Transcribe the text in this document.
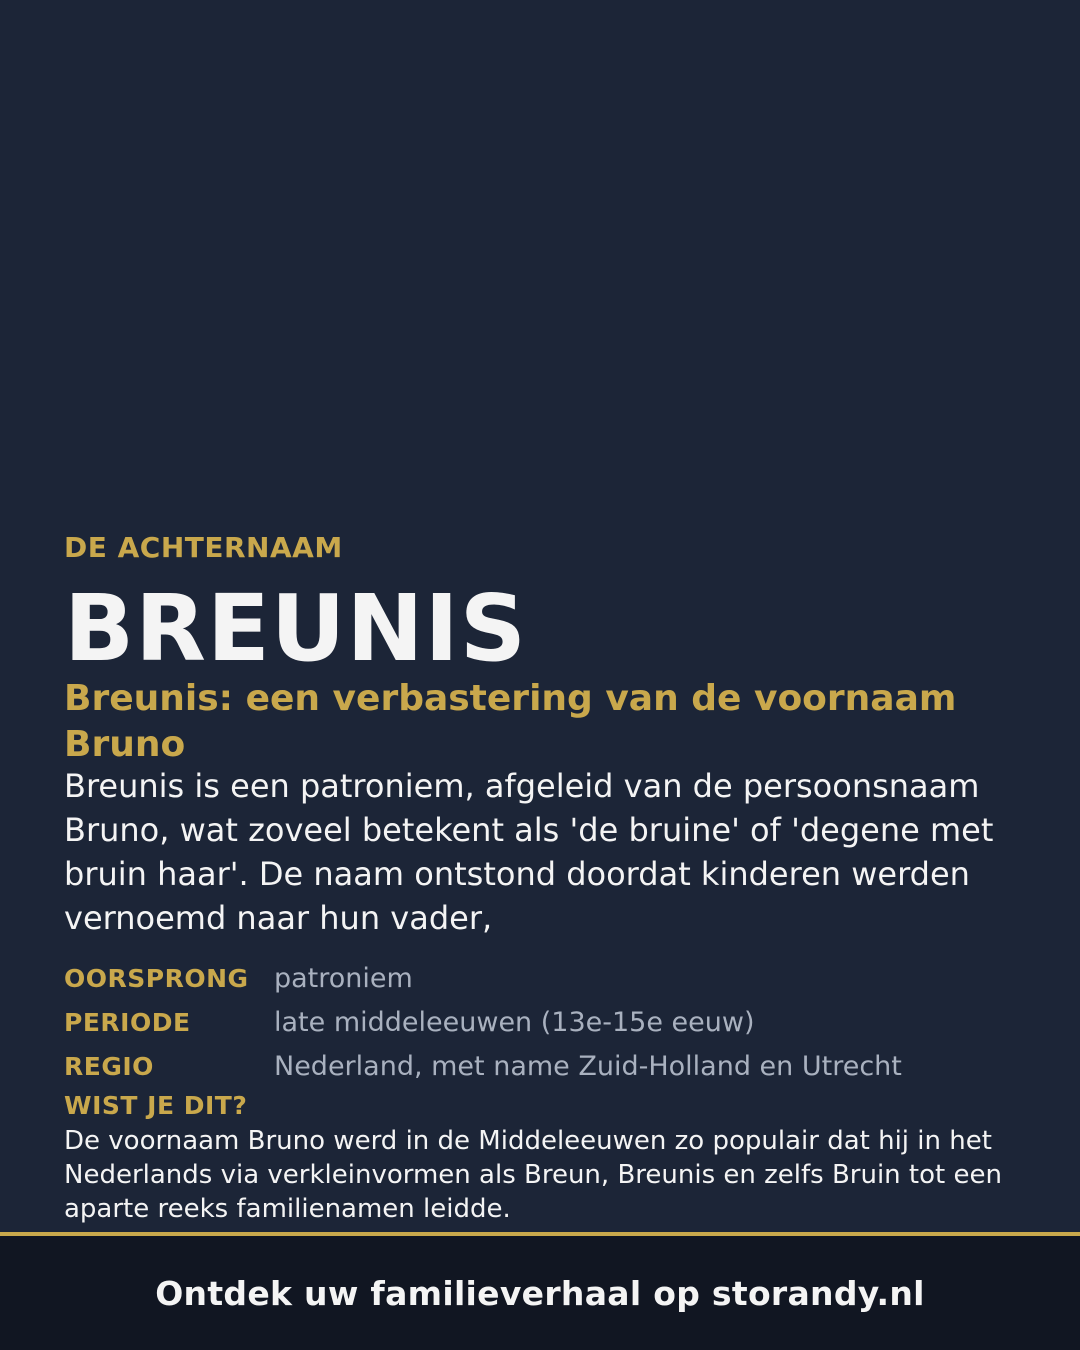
DE ACHTERNAAM
BREUNIS
Breunis: een verbastering van de voornaam Bruno
Breunis is een patroniem, afgeleid van de persoonsnaam Bruno, wat zoveel betekent als 'de bruine' of 'degene met bruin haar'. De naam ontstond doordat kinderen werden vernoemd naar hun vader,
OORSPRONG patroniem
PERIODE	late middeleeuwen (13e-15e eeuw)
REGIO	Nederland, met name Zuid-Holland en Utrecht
WIST JE DIT?
De voornaam Bruno werd in de Middeleeuwen zo populair dat hij in het Nederlands via verkleinvormen als Breun, Breunis en zelfs Bruin tot een aparte reeks familienamen leidde.
Ontdek uw familieverhaal op storandy.nl
